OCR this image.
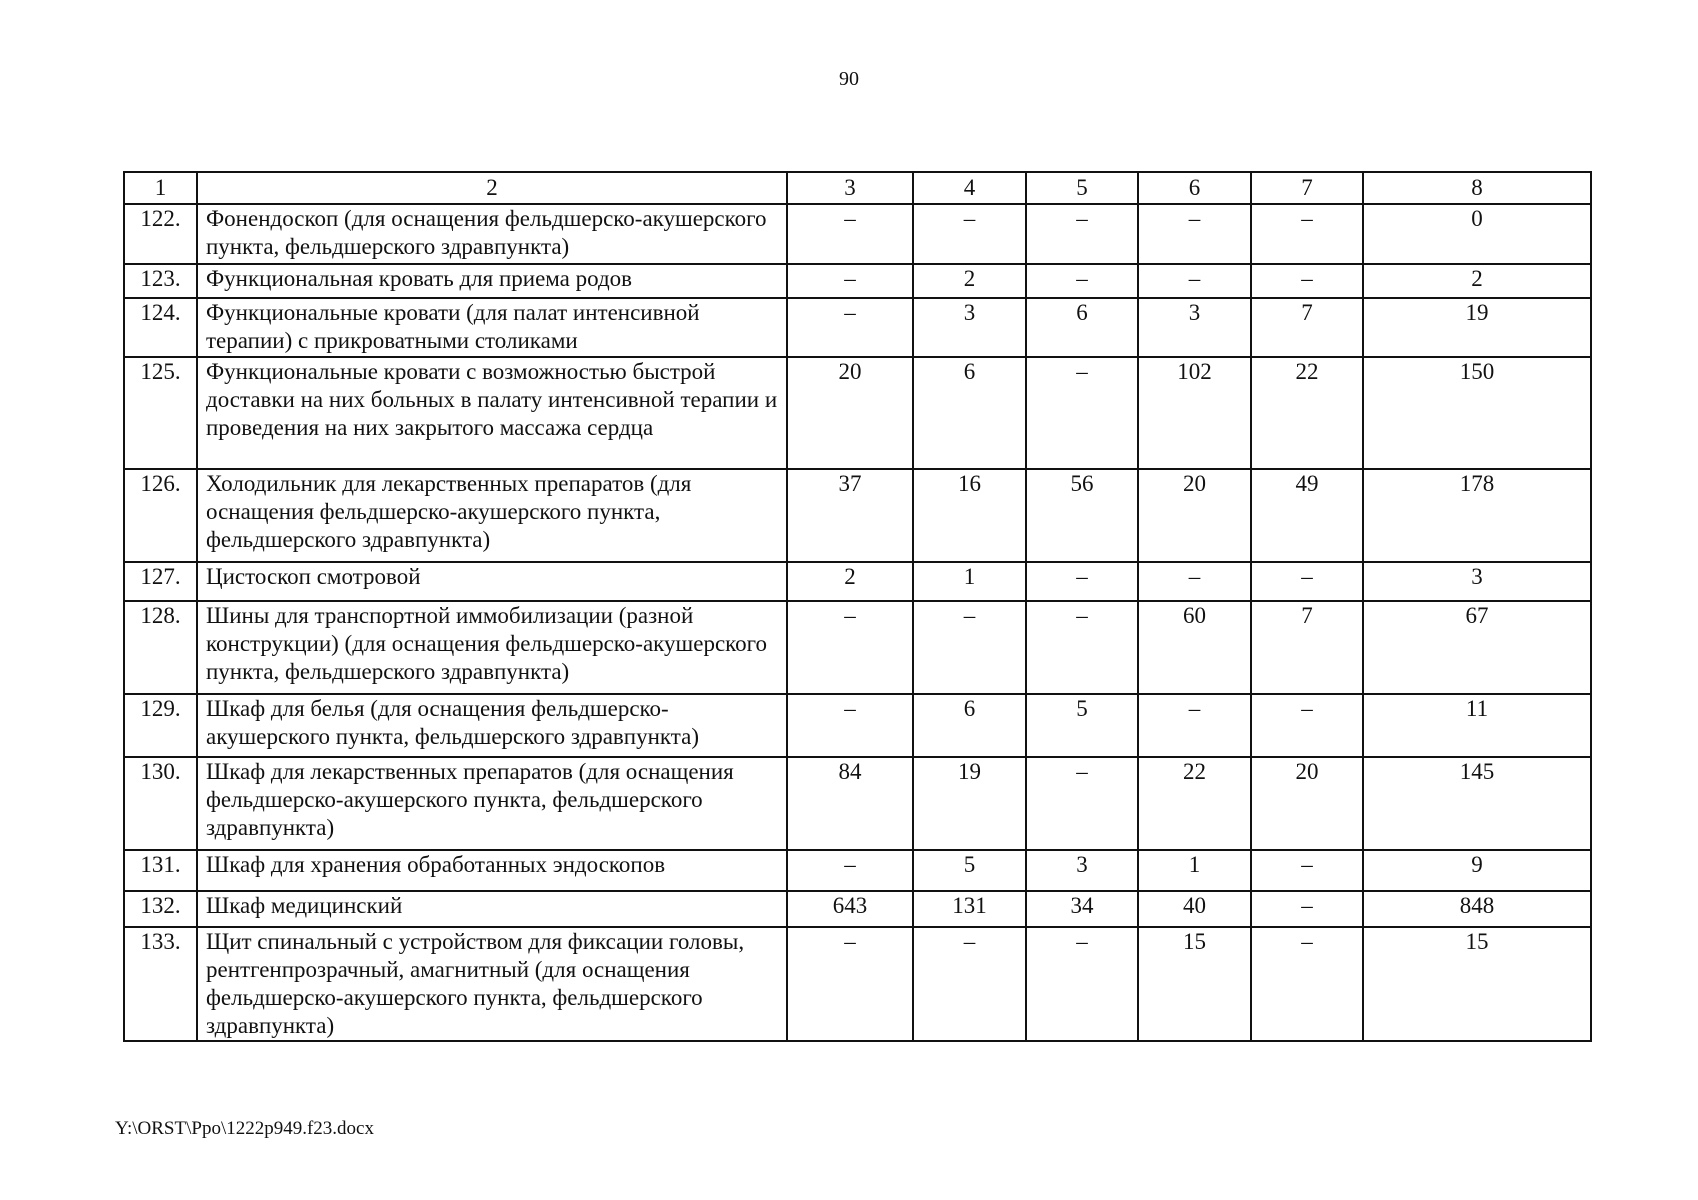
90
1	2	3	4	5	6	7	8
122.	Фонендоскоп (для оснащения фельдшерско-акушерского пункта, фельдшерского здравпункта)	–	–	–	–	–	0
123.	Функциональная кровать для приема родов	–	2	–	–	–	2
124.	Функциональные кровати (для палат интенсивной терапии) с прикроватными столиками	–	3	6	3	7	19
125.	Функциональные кровати с возможностью быстрой доставки на них больных в палату интенсивной терапии и проведения на них закрытого массажа сердца	20	6	–	102	22	150
126.	Холодильник для лекарственных препаратов (для оснащения фельдшерско-акушерского пункта, фельдшерского здравпункта)	37	16	56	20	49	178
127.	Цистоскоп смотровой	2	1	–	–	–	3
128.	Шины для транспортной иммобилизации (разной конструкции) (для оснащения фельдшерско-акушерского пункта, фельдшерского здравпункта)	–	–	–	60	7	67
129.	Шкаф для белья (для оснащения фельдшерско-акушерского пункта, фельдшерского здравпункта)	–	6	5	–	–	11
130.	Шкаф для лекарственных препаратов (для оснащения фельдшерско-акушерского пункта, фельдшерского здравпункта)	84	19	–	22	20	145
131.	Шкаф для хранения обработанных эндоскопов	–	5	3	1	–	9
132.	Шкаф медицинский	643	131	34	40	–	848
133.	Щит спинальный с устройством для фиксации головы, рентгенпрозрачный, амагнитный (для оснащения фельдшерско-акушерского пункта, фельдшерского здравпункта)	–	–	–	15	–	15
Y:\ORST\Ppo\1222p949.f23.docx
